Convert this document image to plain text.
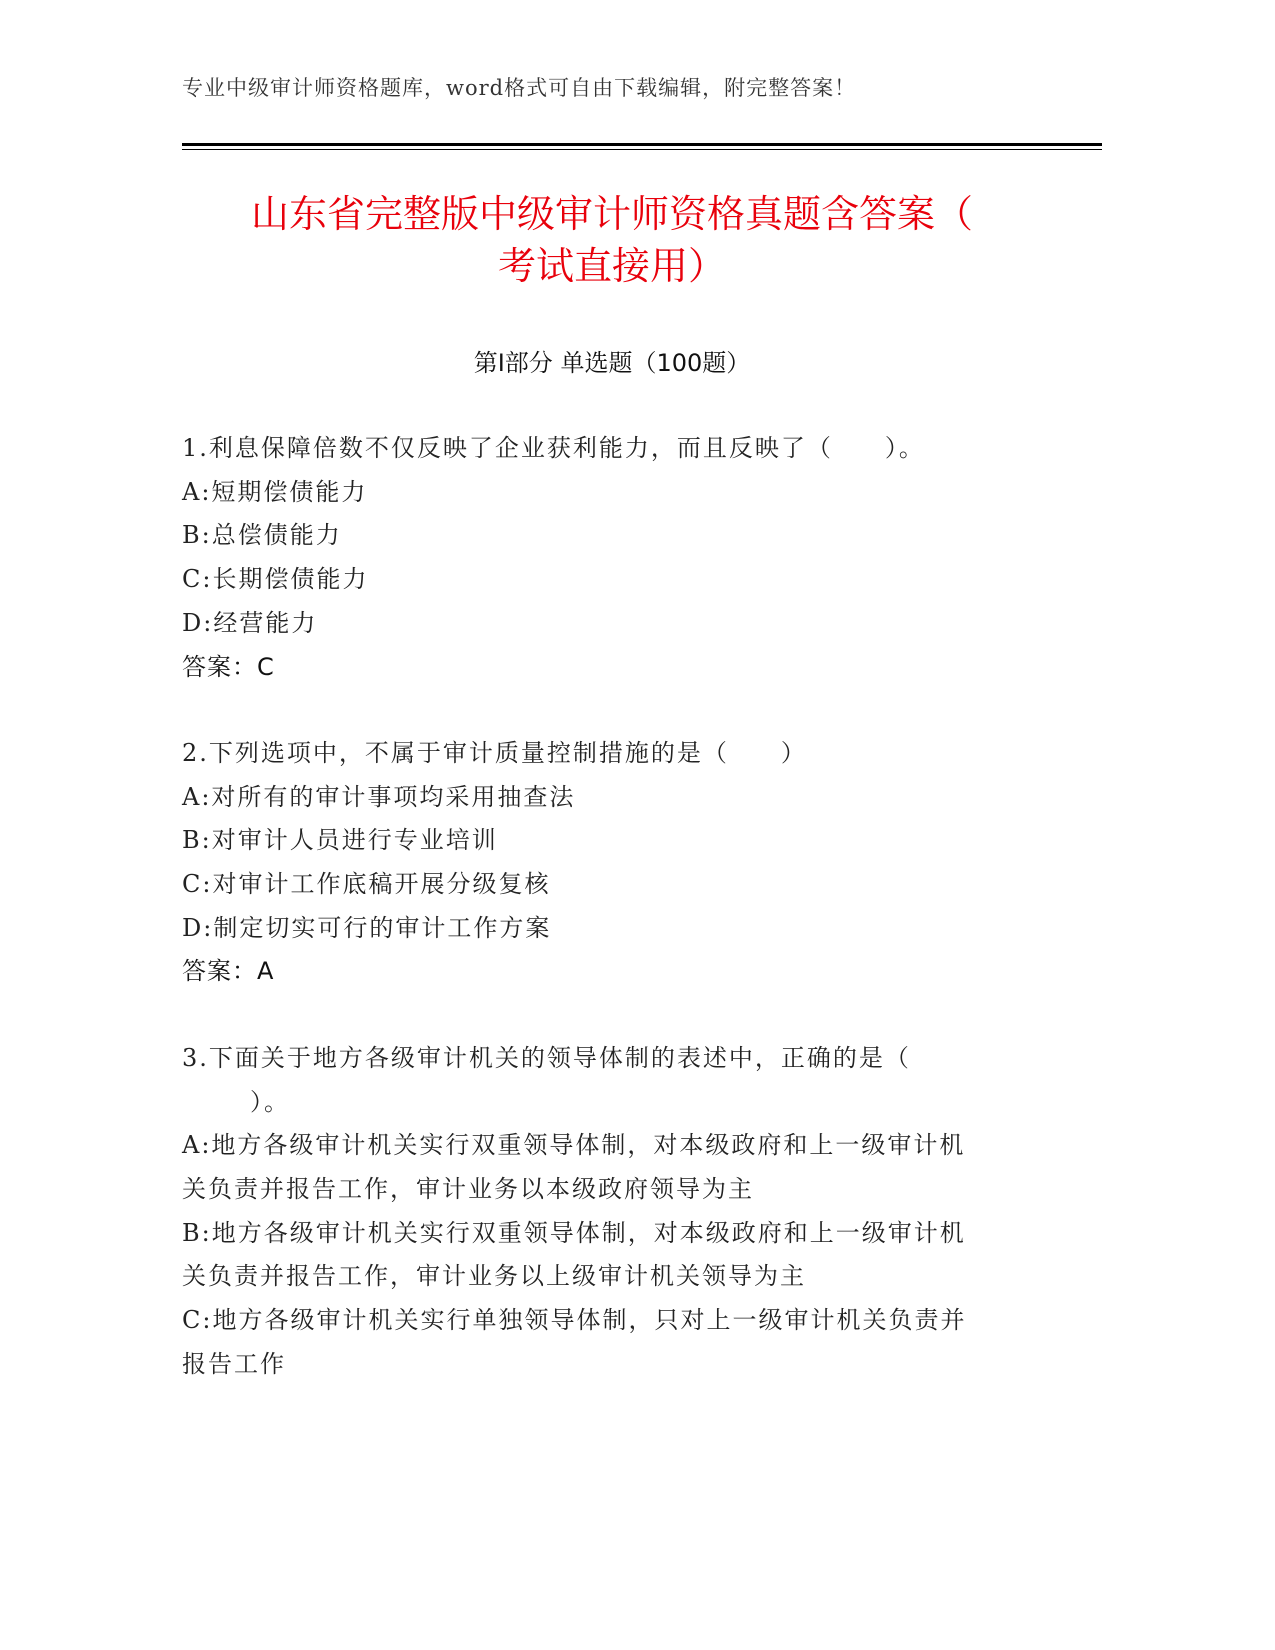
专业中级审计师资格题库，word格式可自由下载编辑，附完整答案！
山东省完整版中级审计师资格真题含答案（
考试直接用）
第Ⅰ部分 单选题（100题）
1.利息保障倍数不仅反映了企业获利能力，而且反映了（　　）。
A:短期偿债能力
B:总偿债能力
C:长期偿债能力
D:经营能力
答案：C
2.下列选项中，不属于审计质量控制措施的是（　　）
A:对所有的审计事项均采用抽查法
B:对审计人员进行专业培训
C:对审计工作底稿开展分级复核
D:制定切实可行的审计工作方案
答案：A
3.下面关于地方各级审计机关的领导体制的表述中，正确的是（
）。
A:地方各级审计机关实行双重领导体制，对本级政府和上一级审计机
关负责并报告工作，审计业务以本级政府领导为主
B:地方各级审计机关实行双重领导体制，对本级政府和上一级审计机
关负责并报告工作，审计业务以上级审计机关领导为主
C:地方各级审计机关实行单独领导体制，只对上一级审计机关负责并
报告工作
